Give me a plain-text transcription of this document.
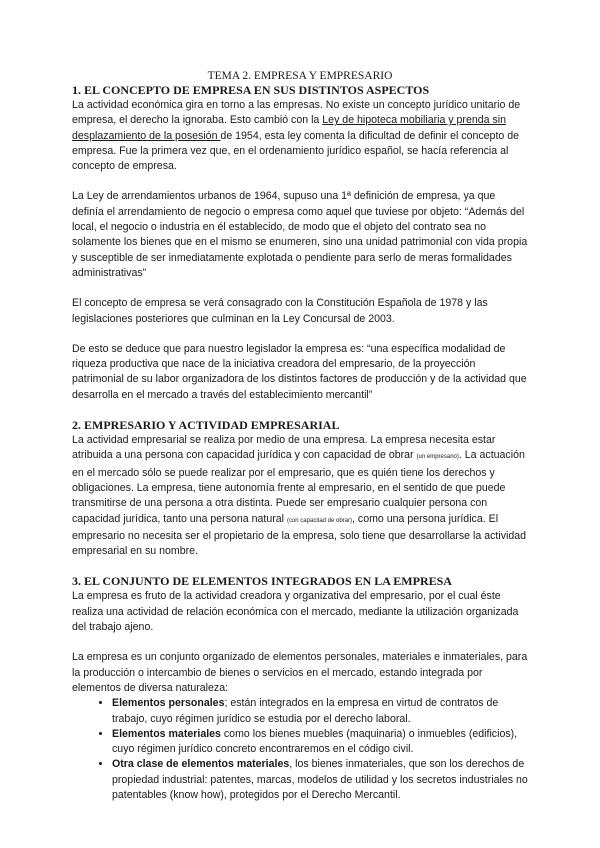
TEMA 2. EMPRESA Y EMPRESARIO
1. EL CONCEPTO DE EMPRESA EN SUS DISTINTOS ASPECTOS

La actividad económica gira en torno a las empresas. No existe un concepto jurídico unitario de empresa, el derecho la ignoraba. Esto cambió con la Ley de hipoteca mobiliaria y prenda sin desplazamiento de la posesión de 1954, esta ley comenta la dificultad de definir el concepto de empresa. Fue la primera vez que, en el ordenamiento jurídico español, se hacía referencia al concepto de empresa.

La Ley de arrendamientos urbanos de 1964, supuso una 1ª definición de empresa, ya que definía el arrendamiento de negocio o empresa como aquel que tuviese por objeto: “Además del local, el negocio o industria en él establecido, de modo que el objeto del contrato sea no solamente los bienes que en el mismo se enumeren, sino una unidad patrimonial con vida propia y susceptible de ser inmediatamente explotada o pendiente para serlo de meras formalidades administrativas”

El concepto de empresa se verá consagrado con la Constitución Española de 1978 y las legislaciones posteriores que culminan en la Ley Concursal de 2003.

De esto se deduce que para nuestro legislador la empresa es: “una específica modalidad de riqueza productiva que nace de la iniciativa creadora del empresario, de la proyección patrimonial de su labor organizadora de los distintos factores de producción y de la actividad que desarrolla en el mercado a través del establecimiento mercantil”

2. EMPRESARIO Y ACTIVIDAD EMPRESARIAL

La actividad empresarial se realiza por medio de una empresa. La empresa necesita estar atribuida a una persona con capacidad jurídica y con capacidad de obrar (un empresario). La actuación en el mercado sólo se puede realizar por el empresario, que es quién tiene los derechos y obligaciones. La empresa, tiene autonomía frente al empresario, en el sentido de que puede transmitirse de una persona a otra distinta. Puede ser empresario cualquier persona con capacidad jurídica, tanto una persona natural (con capacitad de obrar), como una persona jurídica. El empresario no necesita ser el propietario de la empresa, solo tiene que desarrollarse la actividad empresarial en su nombre.

3. EL CONJUNTO DE ELEMENTOS INTEGRADOS EN LA EMPRESA

La empresa es fruto de la actividad creadora y organizativa del empresario, por el cual éste realiza una actividad de relación económica con el mercado, mediante la utilización organizada del trabajo ajeno.

La empresa es un conjunto organizado de elementos personales, materiales e inmateriales, para la producción o intercambio de bienes o servicios en el mercado, estando integrada por elementos de diversa naturaleza:

• Elementos personales; están integrados en la empresa en virtud de contratos de trabajo, cuyo régimen jurídico se estudia por el derecho laboral.
• Elementos materiales como los bienes muebles (maquinaria) o inmuebles (edificios), cuyo régimen jurídico concreto encontraremos en el código civil.
• Otra clase de elementos materiales, los bienes inmateriales, que son los derechos de propiedad industrial: patentes, marcas, modelos de utilidad y los secretos industriales no patentables (know how), protegidos por el Derecho Mercantil.
